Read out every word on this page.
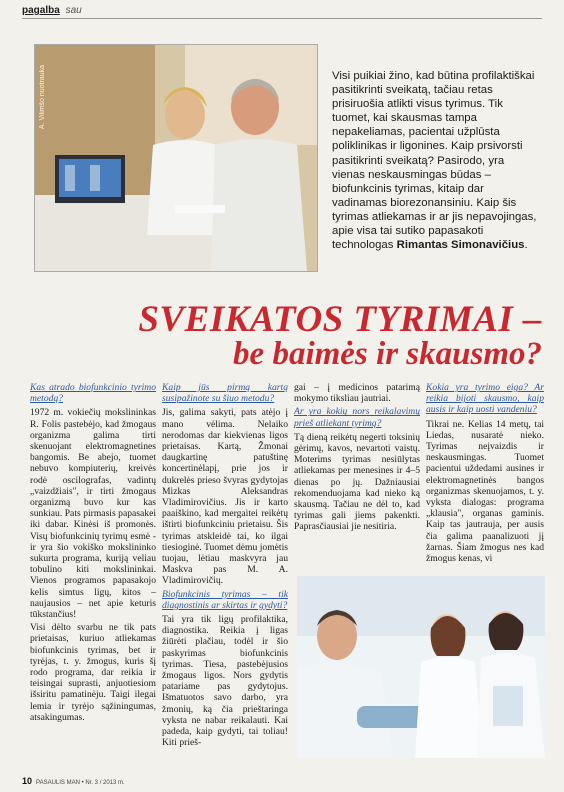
pagalba sau
A. Vilimšo nuotrauka	Visi puikiai žino, kad būtina profilaktiškai pasitikrinti sveikatą, tačiau retas prisiruošia atlikti visus tyrimus. Tik tuomet, kai skausmas tampa nepakeliamas, pacientai užplūsta poliklinikas ir ligonines. Kaip prsivorsti pasitikrinti sveikatą? Pasirodo, yra vienas neskausmingas būdas – biofunkcinis tyrimas, kitaip dar vadinamas biorezonansiniu. Kaip šis tyrimas atliekamas ir ar jis nepavojingas, apie visa tai sutiko papasakoti technologas Rimantas Simonavičius.

SVEIKATOS TYRIMAI –
be baimės ir skausmo?

Kas atrado biofunkcinio tyrimo metodą?

1972 m. vokiečių mokslininkas R. Folis pastebėjo, kad žmogaus organizma galima tirti skenuojant elektromagnetines bangomis. Be abejo, tuomet nebuvo kompiuterių, kreivės rodė oscilografas, vadintų „vaizdžiais", ir tirti žmogaus organizmą buvo kur kas sunkiau. Pats pirmasis papasakei iki dabar. Kinėsi iš promonės. Visų biofunkcinių tyrimų esmė - ir yra šio vokiško mokslininko sukurta programa, kuriją veliau tobulino kiti mokslininkai. Vienos programos papasakojo kelis simtus ligų, kitos – naujausios – net apie keturis tūkstančius!

Visi dėlto svarbu ne tik pats prietaisas, kuriuo atliekamas biofunkcinis tyrimas, bet ir tyrėjas, t. y. žmogus, kuris šį rodo programa, dar reikia ir teisingai suprasti, anjuotiesiom išsiritu pamatinėju. Taigi ilegai lemia ir tyrėjo sąžiningumas, atsakingumas.

Kaip jūs pirmą kartą susipažinote su šiuo metodu?

Jis, galima sakyti, pats atėjo į mano vėlima. Nelaiko nerodomas dar kiekvienas ligos prietaisas. Kartą, Žmonai daugkartinę patuštinę koncertinėlapį, prie jos ir dukrelės prieso švyras gydytojas Mizkas Aleksandras Vladimirovičius. Jis ir karto paaiškino, kad mergaitei reikėtų ištirti biofunkciniu prietaisu. Šis tyrimas atskleidė tai, ko ilgai tiesioginė. Tuomet dėmu jomėtis tuojau, lėtiau maskvyra jau Maskva pas M. A. Vladimirovičių.

Biofunkcinis tyrimas – tik diagnostinis ar skirtas ir gydyti?

Tai yra tik ligų profilaktika, diagnostika. Reikia į ligas žiūrėti plačiau, todėl ir šio paskyrimas biofunkcinis tyrimas. Tiesa, pastebėjusios žmogaus ligos. Nors gydytis patariame pas gydytojus. Išmatuotos savo darbo, yra žmonių, ką čia prieštaringa vyksta ne nabar reikalauti. Kai padeda, kaip gydyti, tai toliau! Kiti prieš-

gai – į medicinos patarimą mokymo tiksliau jautriai.

Ar yra kokių nors reikalavimų prieš atliekant tyrimą?

Tą dieną reikėtų negerti toksinių gėrimų, kavos, nevartoti vaistų. Moterims tyrimas nesiūlytas atliekamas per menesines ir 4–5 dienas po jų. Dažniausiai rekomenduojama kad nieko ką skausmą. Tačiau ne dėl to, kad tyrimas gali jiems pakenkti. Paprasčiausiai jie nesitiria.

Kokia yra tyrimo eiga? Ar reikia bijoti skausmo, kaip ausis ir kaip uosti vandeniu?

Tikrai ne. Kelias 14 metų, tai Liedas, nusaratė nieko. Tyrimas neįvaizdis ir neskausmingas. Tuomet pacientui uždedami ausines ir elektromagnetinės bangos organizmas skenuojamos, t. y. vyksta dialogas: programa „klausia", organas gaminis. Kaip tas jautrauja, per ausis čia galima paanalizuoti jį žarnas. Šiam žmogus nes kad žmogus kenas, vi

10 PASAULIS MAN • Nr. 3 / 2013 m.
